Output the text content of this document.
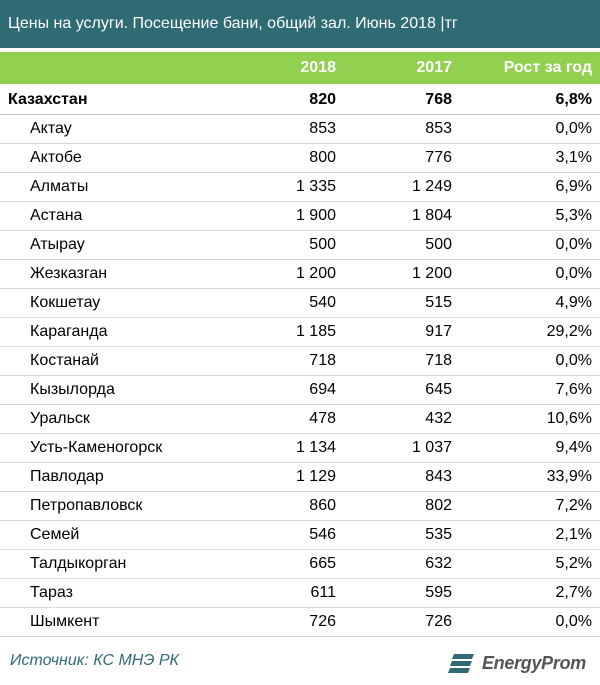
Цены на услуги. Посещение бани, общий зал. Июнь 2018 |тг
	2018	2017	Рост за год
Казахстан	820	768	6,8%
Актау	853	853	0,0%
Актобе	800	776	3,1%
Алматы	1 335	1 249	6,9%
Астана	1 900	1 804	5,3%
Атырау	500	500	0,0%
Жезказган	1 200	1 200	0,0%
Кокшетау	540	515	4,9%
Караганда	1 185	917	29,2%
Костанай	718	718	0,0%
Кызылорда	694	645	7,6%
Уральск	478	432	10,6%
Усть-Каменогорск	1 134	1 037	9,4%
Павлодар	1 129	843	33,9%
Петропавловск	860	802	7,2%
Семей	546	535	2,1%
Талдыкорган	665	632	5,2%
Тараз	611	595	2,7%
Шымкент	726	726	0,0%
Источник: КС МНЭ РК	EnergyProm
